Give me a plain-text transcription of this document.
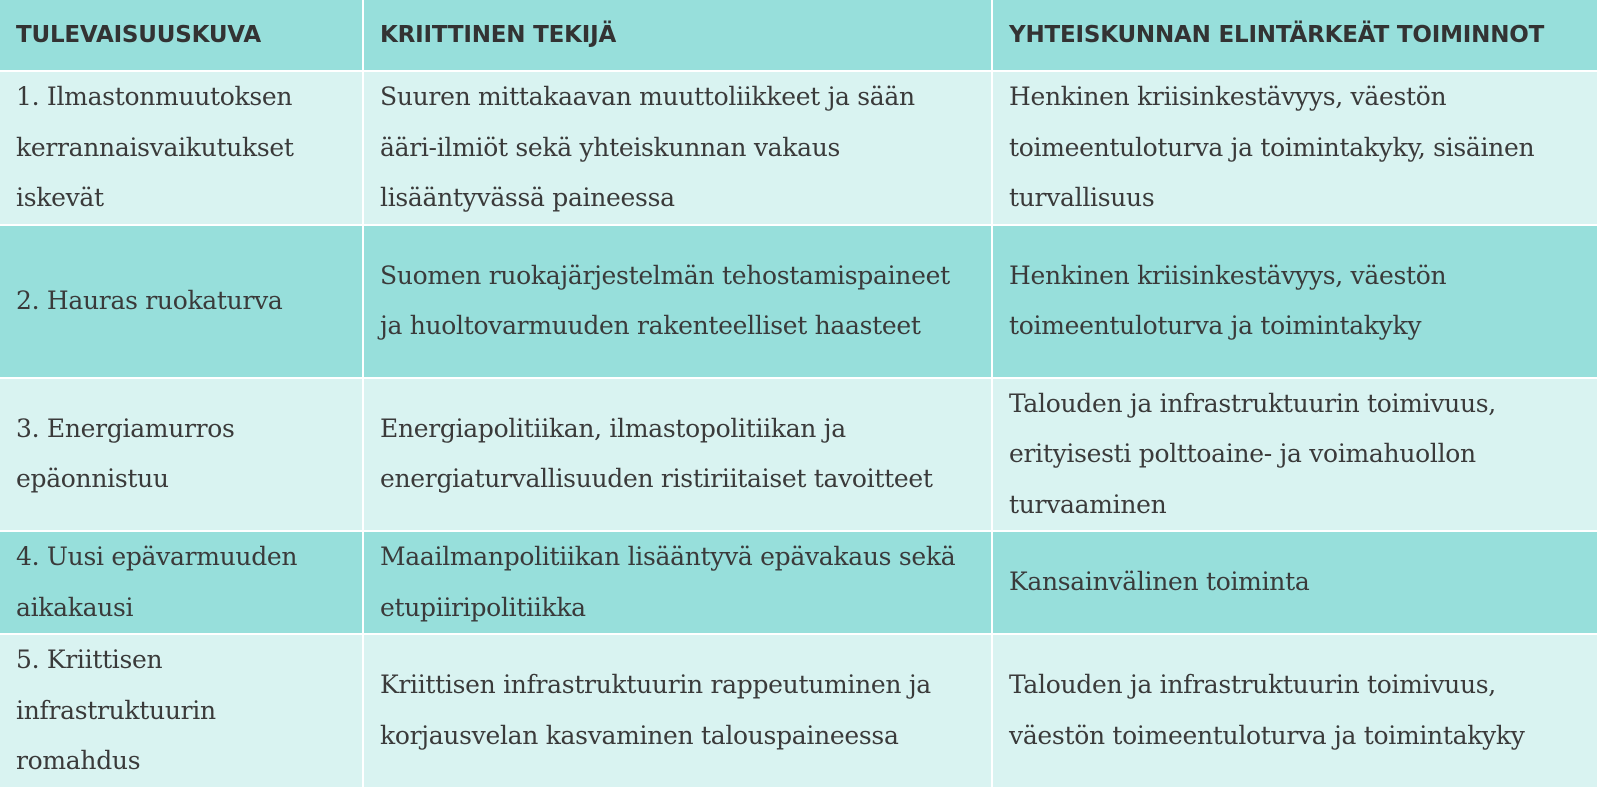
TULEVAISUUSKUVA	KRIITTINEN TEKIJÄ	YHTEISKUNNAN ELINTÄRKEÄT TOIMINNOT
1. Ilmastonmuutoksen kerrannaisvaikutukset iskevät	Suuren mittakaavan muuttoliikkeet ja sään ääri-ilmiöt sekä yhteiskunnan vakaus lisääntyvässä paineessa	Henkinen kriisinkestävyys, väestön toimeentuloturva ja toimintakyky, sisäinen turvallisuus
2. Hauras ruokaturva	Suomen ruokajärjestelmän tehostamispaineet ja huoltovarmuuden rakenteelliset haasteet	Henkinen kriisinkestävyys, väestön toimeentuloturva ja toimintakyky
3. Energiamurros epäonnistuu	Energiapolitiikan, ilmastopolitiikan ja energiaturvallisuuden ristiriitaiset tavoitteet	Talouden ja infrastruktuurin toimivuus, erityisesti polttoaine- ja voimahuollon turvaaminen
4. Uusi epävarmuuden aikakausi	Maailmanpolitiikan lisääntyvä epävakaus sekä etupiiripolitiikka	Kansainvälinen toiminta
5. Kriittisen infrastruktuurin romahdus	Kriittisen infrastruktuurin rappeutuminen ja korjausvelan kasvaminen talouspaineessa	Talouden ja infrastruktuurin toimivuus, väestön toimeentuloturva ja toimintakyky
